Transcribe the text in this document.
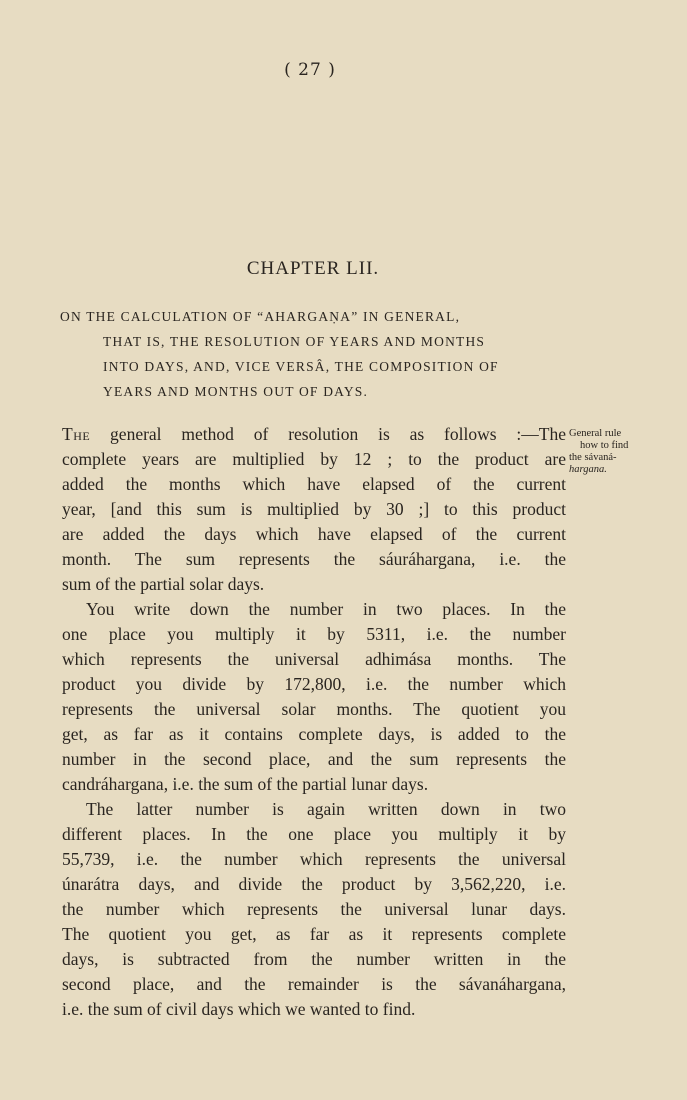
( 27 )
CHAPTER LII.
ON THE CALCULATION OF “AHARGAṆA” IN GENERAL,
THAT IS, THE RESOLUTION OF YEARS AND MONTHS
INTO DAYS, AND, VICE VERSÂ, THE COMPOSITION OF
YEARS AND MONTHS OUT OF DAYS.
General rule
how to find
the sávaná-
hargana.
The general method of resolution is as follows :—The
complete years are multiplied by 12 ; to the product are
added the months which have elapsed of the current
year, [and this sum is multiplied by 30 ;] to this product
are added the days which have elapsed of the current
month. The sum represents the sáuráhargana, i.e. the
sum of the partial solar days.
You write down the number in two places. In the
one place you multiply it by 5311, i.e. the number
which represents the universal adhimása months. The
product you divide by 172,800, i.e. the number which
represents the universal solar months. The quotient you
get, as far as it contains complete days, is added to the
number in the second place, and the sum represents the
candráhargana, i.e. the sum of the partial lunar days.
The latter number is again written down in two
different places. In the one place you multiply it by
55,739, i.e. the number which represents the universal
únarátra days, and divide the product by 3,562,220, i.e.
the number which represents the universal lunar days.
The quotient you get, as far as it represents complete
days, is subtracted from the number written in the
second place, and the remainder is the sávanáhargana,
i.e. the sum of civil days which we wanted to find.
